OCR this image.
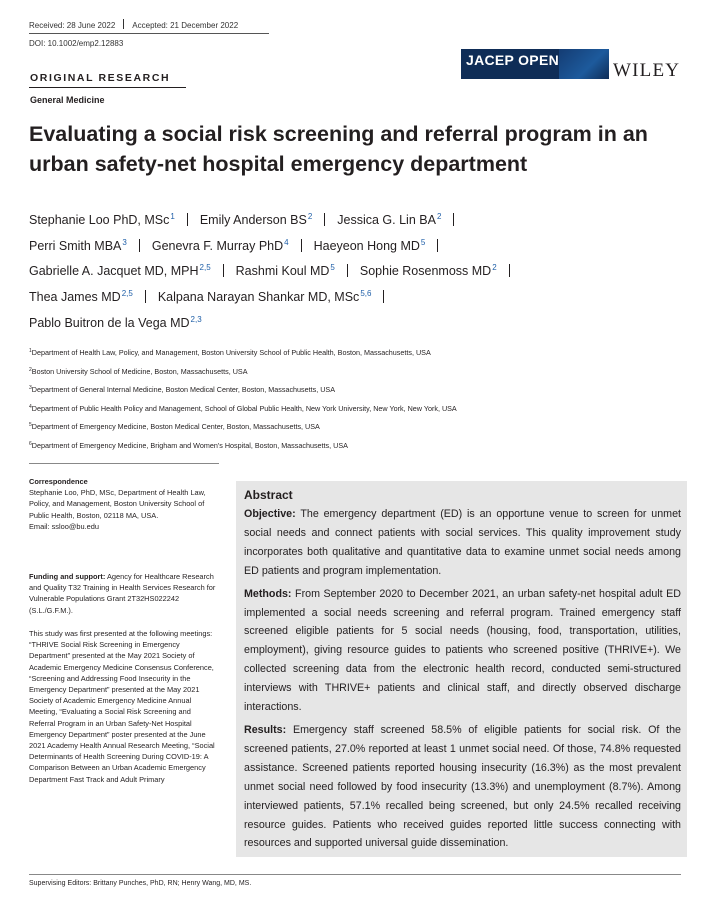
Received: 28 June 2022 Accepted: 21 December 2022
DOI: 10.1002/emp2.12883
JACEP OPEN	WILEY
ORIGINAL RESEARCH
General Medicine
Evaluating a social risk screening and referral program in an urban safety-net hospital emergency department
Stephanie Loo PhD, MSc$^1$ Emily Anderson $BS^2$ Jessica G. Lin $BA^2$
Perri Smith MBA$^3$ Genevra F. Murray PhD$^4$ Haeyeon Hong $MD^5$
Gabrielle A. Jacquet MD, MPH$^{2,5}$ Rashmi Koul $MD^5$ Sophie Rosenmoss $MD^2$
Thea James MD$^{2,5}$ Kalpana Narayan Shankar MD, MSc$^{5,6}$
Pablo Buitron de la Vega MD$^{2,3}$
$^1$Department of Health Law, Policy, and Management, Boston University School of Public Health, Boston, Massachusetts, USA
$^2$Boston University School of Medicine, Boston, Massachusetts, USA
$^3$Department of General Internal Medicine, Boston Medical Center, Boston, Massachusetts, USA
$^4$Department of Public Health Policy and Management, School of Global Public Health, New York University, New York, New York, USA
$^5$Department of Emergency Medicine, Boston Medical Center, Boston, Massachusetts, USA
$^6$Department of Emergency Medicine, Brigham and Women’s Hospital, Boston, Massachusetts, USA
Correspondence
Stephanie Loo, PhD, MSc, Department of Health Law, Policy, and Management, Boston University School of Public Health, Boston, 02118 MA, USA.
Email: ssloo@bu.edu
Funding and support: Agency for Healthcare Research and Quality T32 Training in Health Services Research for Vulnerable Populations Grant 2T32HS022242 (S.L./G.F.M.).
This study was first presented at the following meetings: “THRIVE Social Risk Screening in Emergency Department” presented at the May 2021 Society of Academic Emergency Medicine Consensus Conference, “Screening and Addressing Food Insecurity in the Emergency Department” presented at the May 2021 Society of Academic Emergency Medicine Annual Meeting, “Evaluating a Social Risk Screening and Referral Program in an Urban Safety-Net Hospital Emergency Department” poster presented at the June 2021 Academy Health Annual Research Meeting, “Social Determinants of Health Screening During COVID-19: A Comparison Between an Urban Academic Emergency Department Fast Track and Adult Primary
Abstract

Objective: The emergency department (ED) is an opportune venue to screen for unmet social needs and connect patients with social services. This quality improvement study incorporates both qualitative and quantitative data to examine unmet social needs among ED patients and program implementation.

Methods: From September 2020 to December 2021, an urban safety-net hospital adult ED implemented a social needs screening and referral program. Trained emergency staff screened eligible patients for 5 social needs (housing, food, transportation, utilities, employment), giving resource guides to patients who screened positive (THRIVE+). We collected screening data from the electronic health record, conducted semi-structured interviews with THRIVE+ patients and clinical staff, and directly observed discharge interactions.

Results: Emergency staff screened 58.5% of eligible patients for social risk. Of the screened patients, 27.0% reported at least 1 unmet social need. Of those, 74.8% requested assistance. Screened patients reported housing insecurity (16.3%) as the most prevalent unmet social need followed by food insecurity (13.3%) and unemployment (8.7%). Among interviewed patients, 57.1% recalled being screened, but only 24.5% recalled receiving resource guides. Patients who received guides reported little success connecting with resources and supported universal guide dissemination.

Supervising Editors: Brittany Punches, PhD, RN; Henry Wang, MD, MS.
